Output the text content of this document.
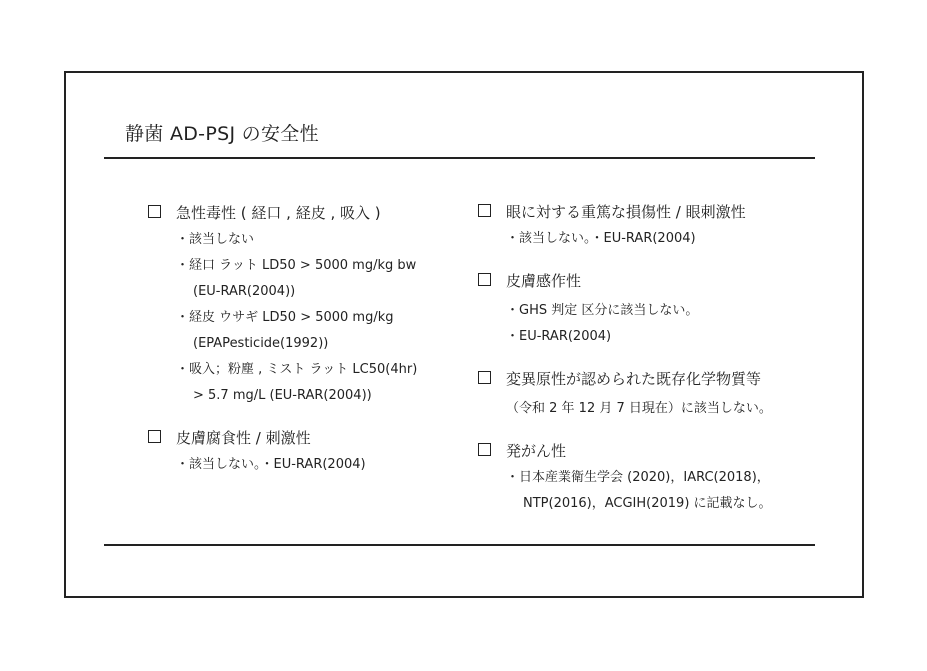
静菌 AD-PSJ の安全性
急性毒性 ( 経口 , 経皮 , 吸入 )
・該当しない
・経口 ラット LD50 > 5000 mg/kg bw
(EU-RAR(2004))
・経皮 ウサギ LD50 > 5000 mg/kg
(EPAPesticide(1992))
・吸入；粉塵 , ミスト ラット LC50(4hr)
> 5.7 mg/L (EU-RAR(2004))
皮膚腐食性 / 刺激性
・該当しない。・EU-RAR(2004)
眼に対する重篤な損傷性 / 眼刺激性
・該当しない。・EU-RAR(2004)
皮膚感作性
・GHS 判定 区分に該当しない。
・EU-RAR(2004)
変異原性が認められた既存化学物質等
（令和 2 年 12 月 7 日現在）に該当しない。
発がん性
・日本産業衛生学会 (2020)，IARC(2018)，
NTP(2016)，ACGIH(2019) に記載なし。
